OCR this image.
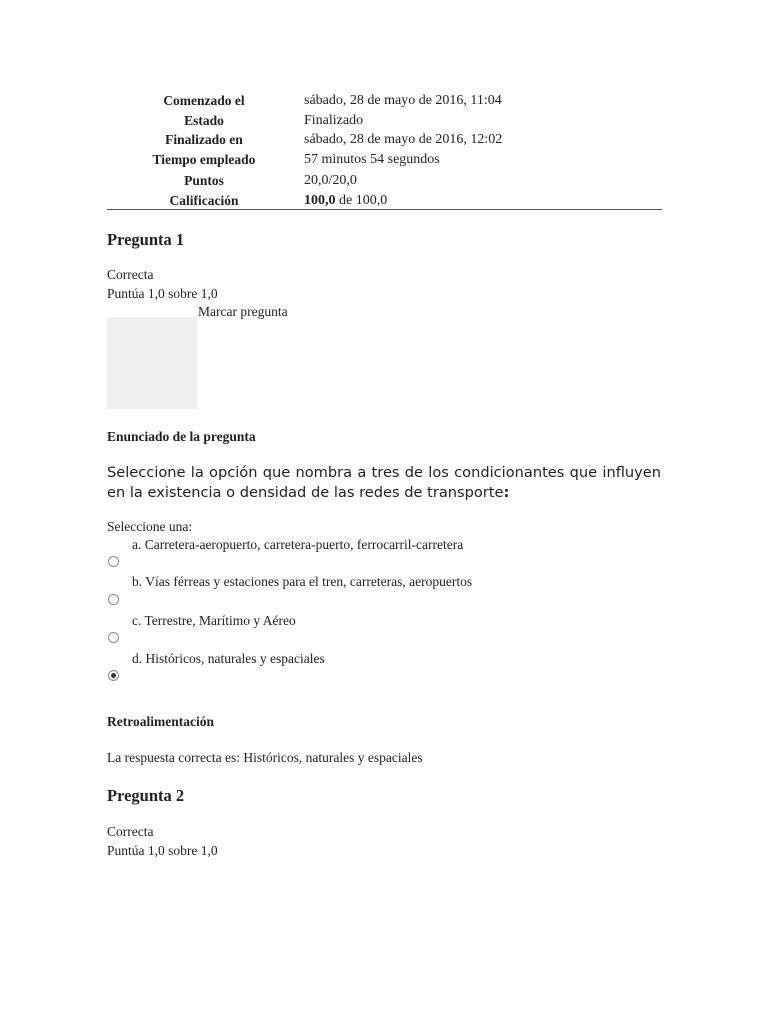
Comenzado el	sábado, 28 de mayo de 2016, 11:04
Estado	Finalizado
Finalizado en	sábado, 28 de mayo de 2016, 12:02
Tiempo empleado	57 minutos 54 segundos
Puntos	20,0/20,0
Calificación	100,0 de 100,0
Pregunta 1
Correcta
Puntúa 1,0 sobre 1,0
Marcar pregunta
Enunciado de la pregunta
Seleccione la opción que nombra a tres de los condicionantes que influyen en la existencia o densidad de las redes de transporte:
Seleccione una:
a. Carretera-aeropuerto, carretera-puerto, ferrocarril-carretera
b. Vías férreas y estaciones para el tren, carreteras, aeropuertos
c. Terrestre, Marítimo y Aéreo
d. Históricos, naturales y espaciales
Retroalimentación
La respuesta correcta es: Históricos, naturales y espaciales
Pregunta 2
Correcta
Puntúa 1,0 sobre 1,0
